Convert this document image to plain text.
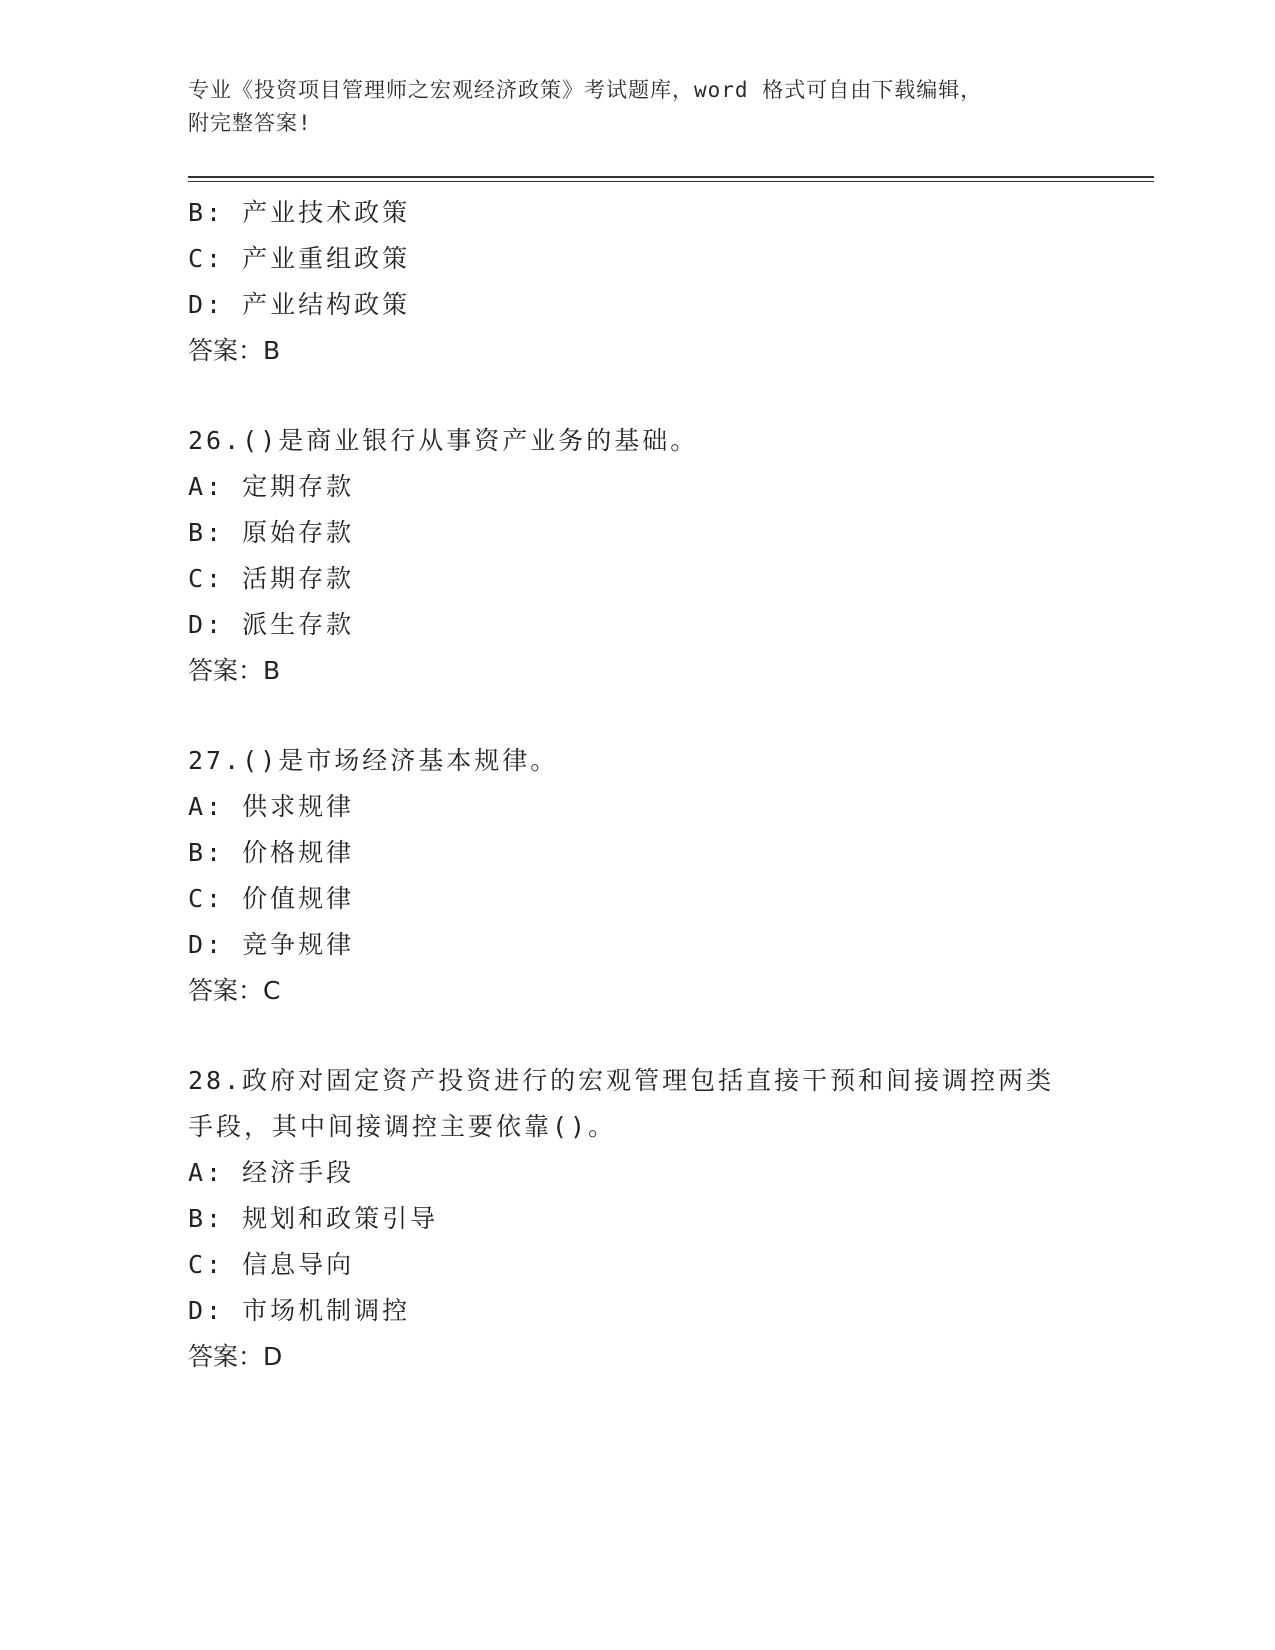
专业《投资项目管理师之宏观经济政策》考试题库，word 格式可自由下载编辑，
附完整答案!
B: 产业技术政策
C: 产业重组政策
D: 产业结构政策
答案：B
26.()是商业银行从事资产业务的基础。
A: 定期存款
B: 原始存款
C: 活期存款
D: 派生存款
答案：B
27.()是市场经济基本规律。
A: 供求规律
B: 价格规律
C: 价值规律
D: 竞争规律
答案：C
28.政府对固定资产投资进行的宏观管理包括直接干预和间接调控两类
手段，其中间接调控主要依靠()。
A: 经济手段
B: 规划和政策引导
C: 信息导向
D: 市场机制调控
答案：D
